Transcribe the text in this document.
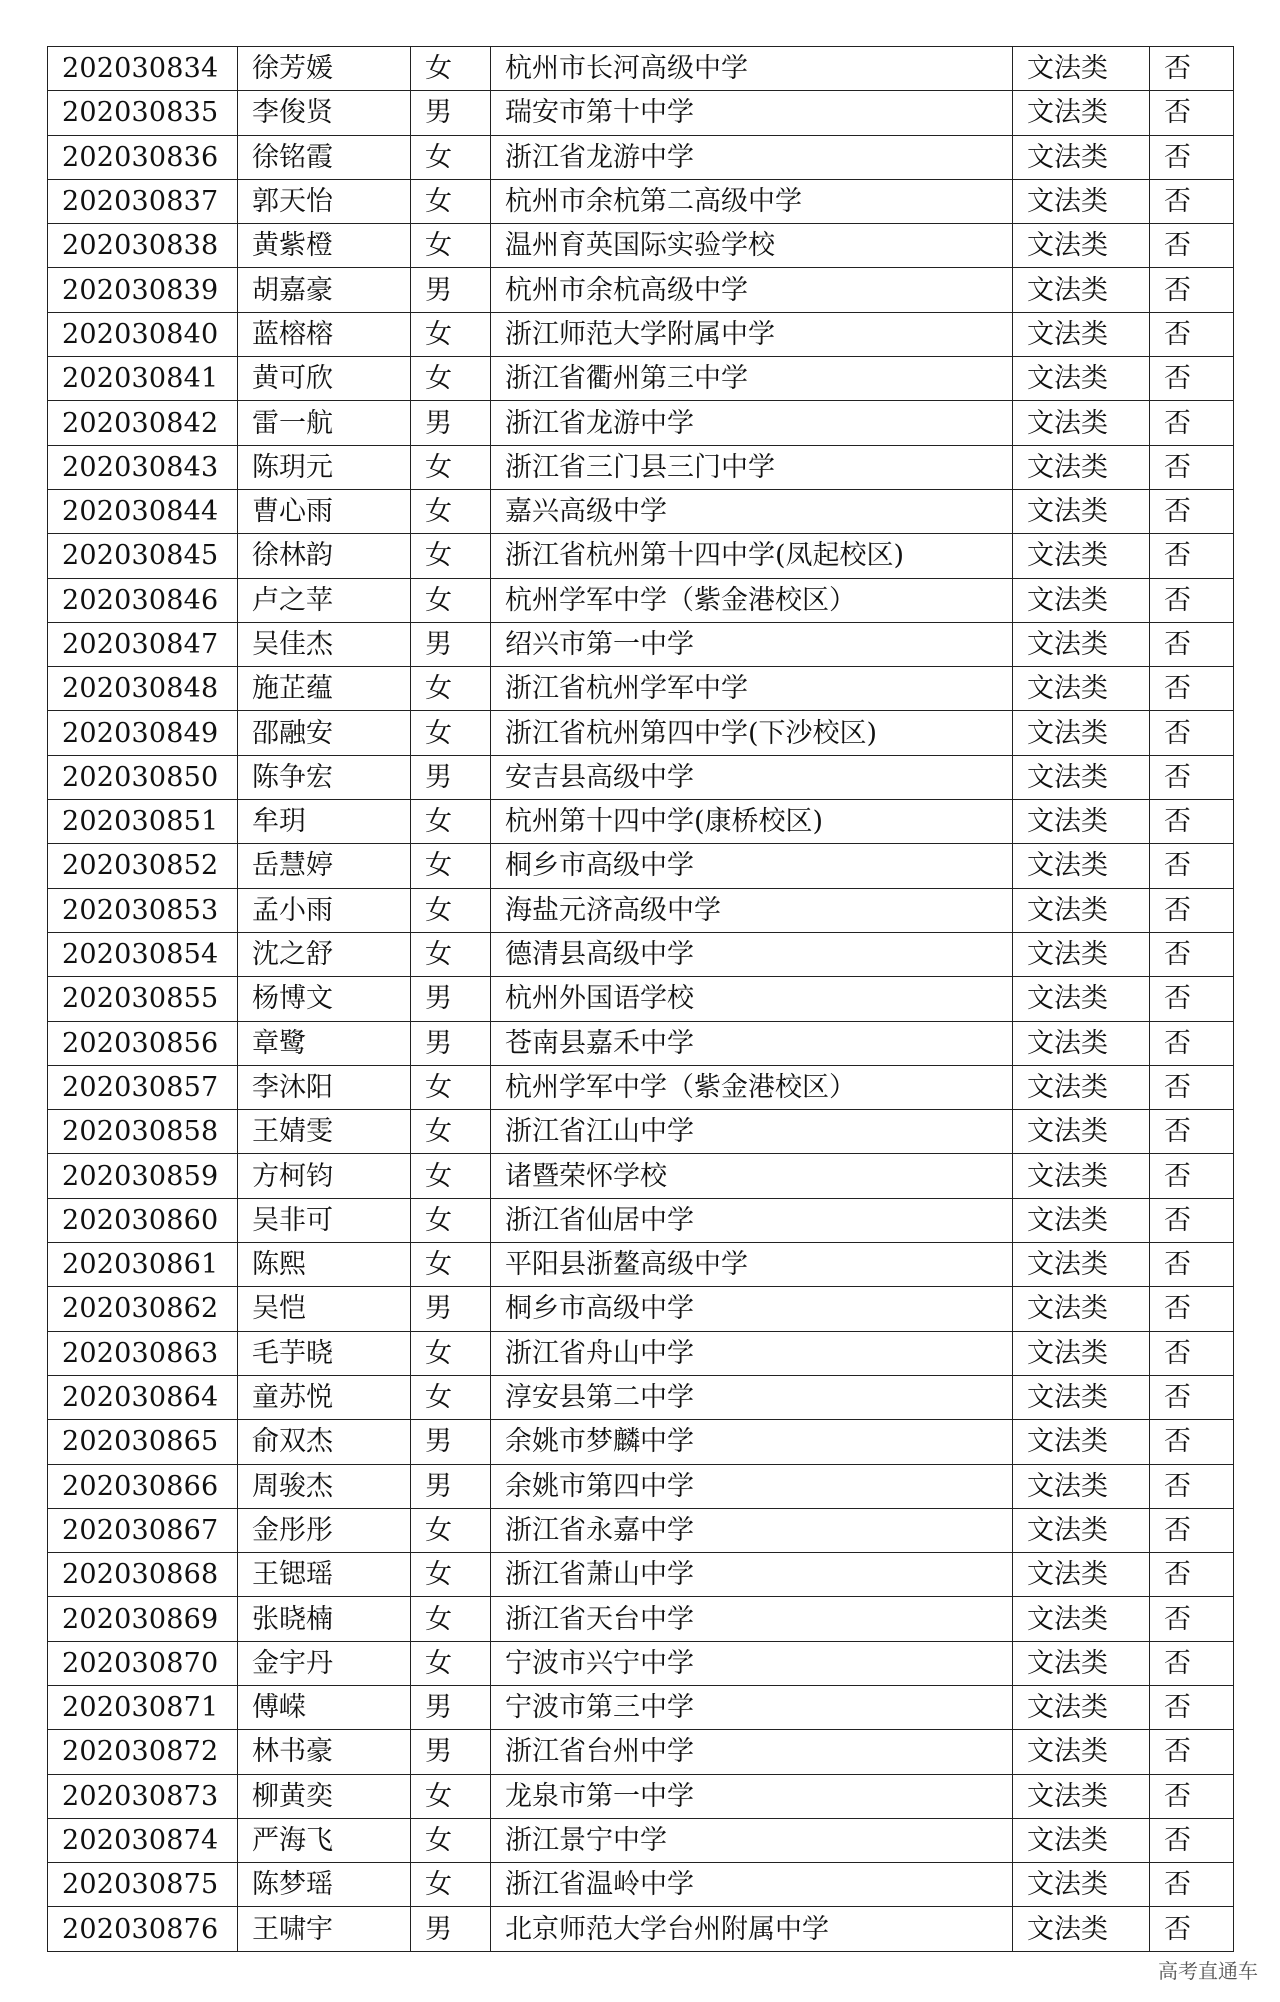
202030834	徐芳媛	女	杭州市长河高级中学	文法类	否
202030835	李俊贤	男	瑞安市第十中学	文法类	否
202030836	徐铭霞	女	浙江省龙游中学	文法类	否
202030837	郭天怡	女	杭州市余杭第二高级中学	文法类	否
202030838	黄紫橙	女	温州育英国际实验学校	文法类	否
202030839	胡嘉豪	男	杭州市余杭高级中学	文法类	否
202030840	蓝榕榕	女	浙江师范大学附属中学	文法类	否
202030841	黄可欣	女	浙江省衢州第三中学	文法类	否
202030842	雷一航	男	浙江省龙游中学	文法类	否
202030843	陈玥元	女	浙江省三门县三门中学	文法类	否
202030844	曹心雨	女	嘉兴高级中学	文法类	否
202030845	徐林韵	女	浙江省杭州第十四中学(凤起校区)	文法类	否
202030846	卢之苹	女	杭州学军中学（紫金港校区）	文法类	否
202030847	吴佳杰	男	绍兴市第一中学	文法类	否
202030848	施芷蕴	女	浙江省杭州学军中学	文法类	否
202030849	邵融安	女	浙江省杭州第四中学(下沙校区)	文法类	否
202030850	陈争宏	男	安吉县高级中学	文法类	否
202030851	牟玥	女	杭州第十四中学(康桥校区)	文法类	否
202030852	岳慧婷	女	桐乡市高级中学	文法类	否
202030853	孟小雨	女	海盐元济高级中学	文法类	否
202030854	沈之舒	女	德清县高级中学	文法类	否
202030855	杨博文	男	杭州外国语学校	文法类	否
202030856	章鹭	男	苍南县嘉禾中学	文法类	否
202030857	李沐阳	女	杭州学军中学（紫金港校区）	文法类	否
202030858	王婧雯	女	浙江省江山中学	文法类	否
202030859	方柯钧	女	诸暨荣怀学校	文法类	否
202030860	吴非可	女	浙江省仙居中学	文法类	否
202030861	陈熙	女	平阳县浙鳌高级中学	文法类	否
202030862	吴恺	男	桐乡市高级中学	文法类	否
202030863	毛芋晓	女	浙江省舟山中学	文法类	否
202030864	童苏悦	女	淳安县第二中学	文法类	否
202030865	俞双杰	男	余姚市梦麟中学	文法类	否
202030866	周骏杰	男	余姚市第四中学	文法类	否
202030867	金彤彤	女	浙江省永嘉中学	文法类	否
202030868	王锶瑶	女	浙江省萧山中学	文法类	否
202030869	张晓楠	女	浙江省天台中学	文法类	否
202030870	金宇丹	女	宁波市兴宁中学	文法类	否
202030871	傅嵘	男	宁波市第三中学	文法类	否
202030872	林书豪	男	浙江省台州中学	文法类	否
202030873	柳黄奕	女	龙泉市第一中学	文法类	否
202030874	严海飞	女	浙江景宁中学	文法类	否
202030875	陈梦瑶	女	浙江省温岭中学	文法类	否
202030876	王啸宇	男	北京师范大学台州附属中学	文法类	否
高考直通车
